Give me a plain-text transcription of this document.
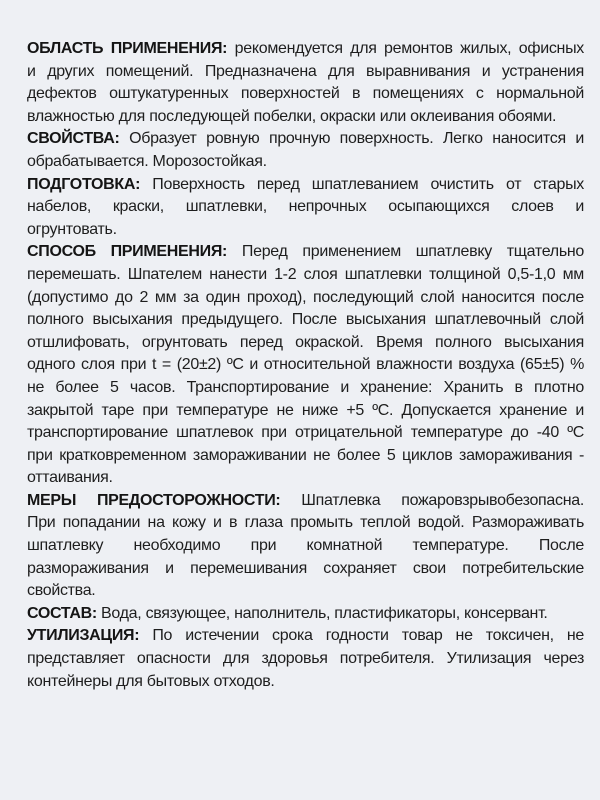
ОБЛАСТЬ ПРИМЕНЕНИЯ: рекомендуется для ремонтов жилых, офисных
и других помещений. Предназначена для выравнивания и устранения
дефектов оштукатуренных поверхностей в помещениях с нормальной
влажностью для последующей побелки, окраски или оклеивания обоями.
СВОЙСТВА: Образует ровную прочную поверхность. Легко наносится и
обрабатывается. Морозостойкая.
ПОДГОТОВКА: Поверхность перед шпатлеванием очистить от старых
набелов, краски, шпатлевки, непрочных осыпающихся слоев и
огрунтовать.
СПОСОБ ПРИМЕНЕНИЯ: Перед применением шпатлевку тщательно
перемешать. Шпателем нанести 1-2 слоя шпатлевки толщиной 0,5-1,0 мм
(допустимо до 2 мм за один проход), последующий слой наносится после
полного высыхания предыдущего. После высыхания шпатлевочный слой
отшлифовать, огрунтовать перед окраской. Время полного высыхания
одного слоя при t = (20±2) ºС и относительной влажности воздуха (65±5) %
не более 5 часов. Транспортирование и хранение: Хранить в плотно
закрытой таре при температуре не ниже +5 ºС. Допускается хранение и
транспортирование шпатлевок при отрицательной температуре до -40 ºС
при кратковременном замораживании не более 5 циклов замораживания -
оттаивания.
МЕРЫ ПРЕДОСТОРОЖНОСТИ: Шпатлевка пожаровзрывобезопасна.
При попадании на кожу и в глаза промыть теплой водой. Размораживать
шпатлевку необходимо при комнатной температуре. После
размораживания и перемешивания сохраняет свои потребительские
свойства.
СОСТАВ: Вода, связующее, наполнитель, пластификаторы, консервант.
УТИЛИЗАЦИЯ: По истечении срока годности товар не токсичен, не
представляет опасности для здоровья потребителя. Утилизация через
контейнеры для бытовых отходов.
